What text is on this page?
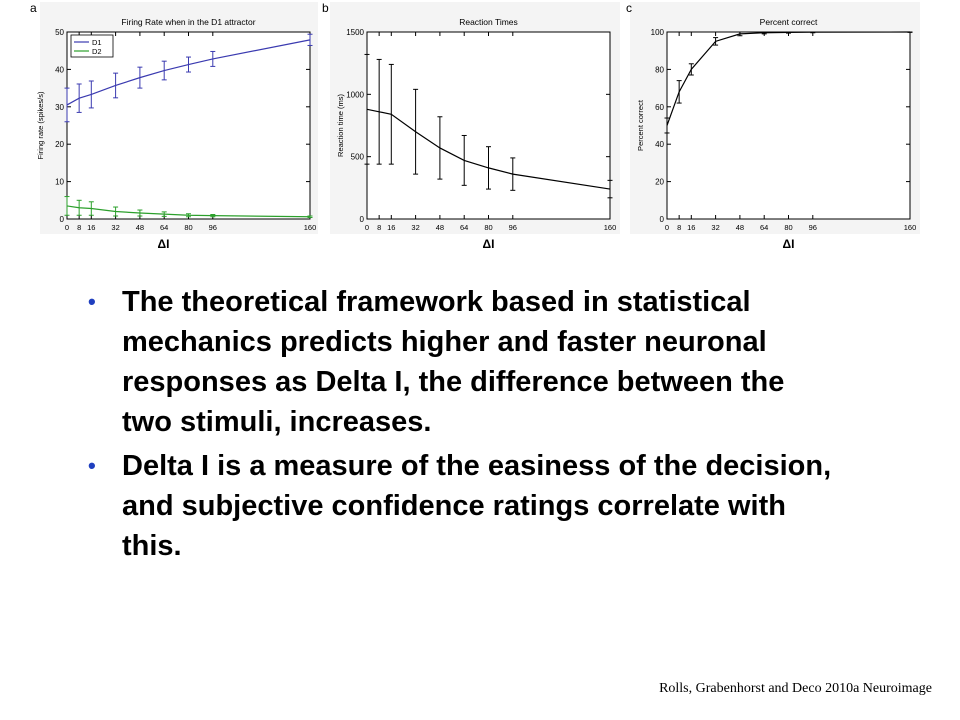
a
Firing Rate when in the D1 attractor
ΔI
Firing rate (spikes/s)
0
10
20
30
40
50
0 8 16 32 48 64 80 96	160
D1
D2
b
Reaction Times
ΔI
Reaction time (ms)
0
500
1000
1500
0 8 16 32 48 64 80 96	160
c
Percent correct
ΔI
Percent correct
0
20
40
60
80
100
0 8 16 32 48 64 80 96	160
• The theoretical framework based in statistical mechanics predicts higher and faster neuronal responses as Delta I, the difference between the two stimuli, increases.
• Delta I is a measure of the easiness of the decision, and subjective confidence ratings correlate with this.
Rolls, Grabenhorst and Deco 2010a Neuroimage
